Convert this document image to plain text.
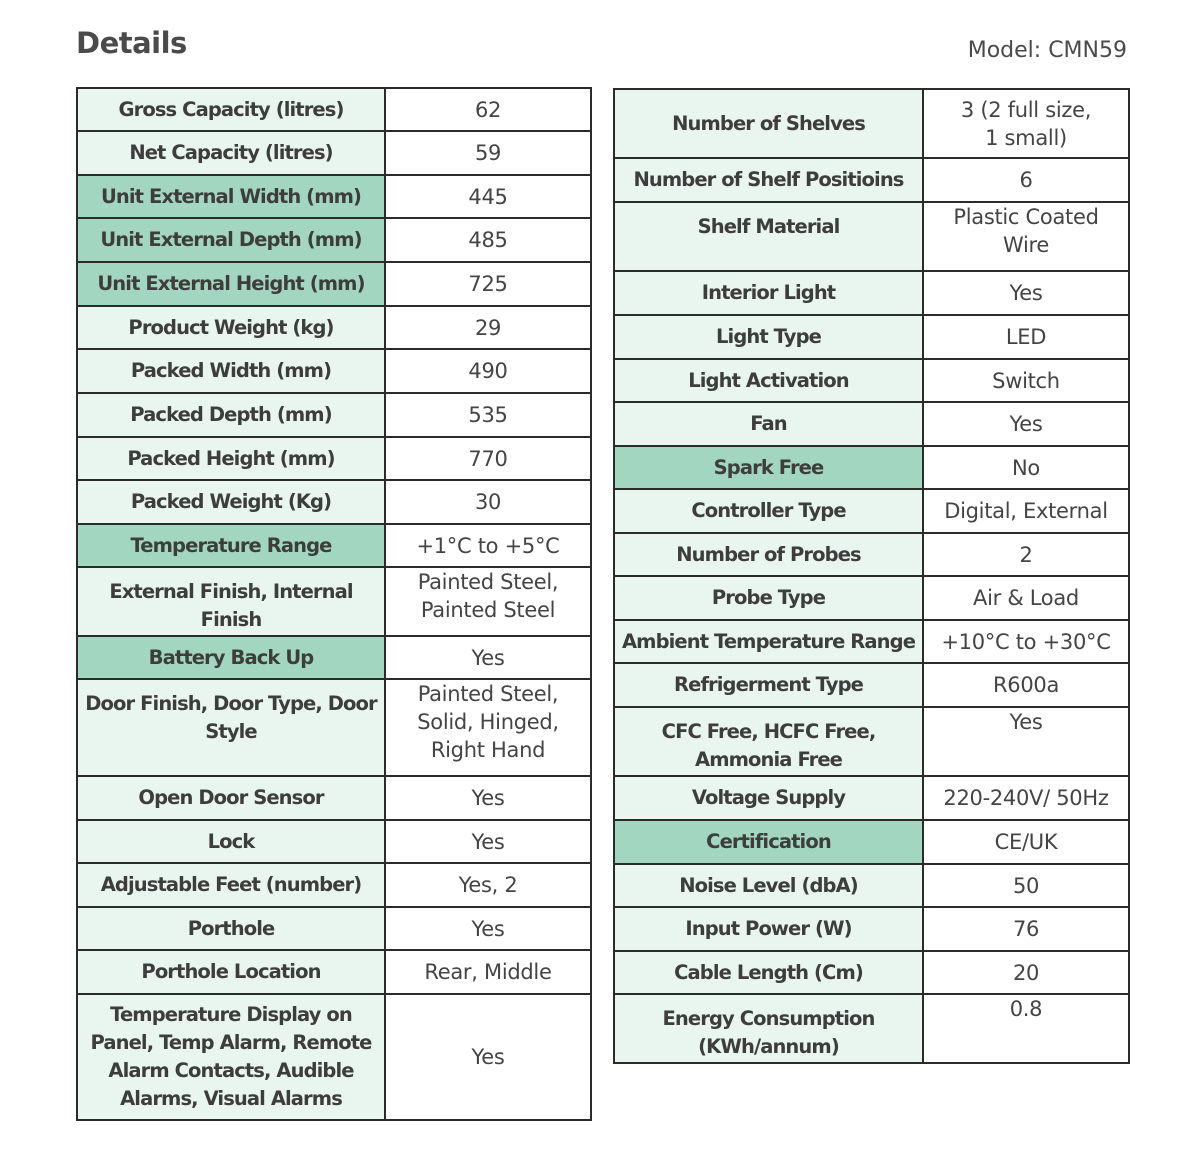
Details	Model: CMN59
Gross Capacity (litres)	62
Net Capacity (litres)	59
Unit External Width (mm)	445
Unit External Depth (mm)	485
Unit External Height (mm)	725
Product Weight (kg)	29
Packed Width (mm)	490
Packed Depth (mm)	535
Packed Height (mm)	770
Packed Weight (Kg)	30
Temperature Range	+1°C to +5°C
External Finish, Internal Finish	Painted Steel,
Painted Steel
Battery Back Up	Yes
Door Finish, Door Type, Door
Style	Painted Steel,
Solid, Hinged,
Right Hand
Open Door Sensor	Yes
Lock	Yes
Adjustable Feet (number)	Yes, 2
Porthole	Yes
Porthole Location	Rear, Middle
Temperature Display on
Panel, Temp Alarm, Remote
Alarm Contacts, Audible
Alarms, Visual Alarms	Yes
Number of Shelves	3 (2 full size,
1 small)
Number of Shelf Positioins	6
Shelf Material	Plastic Coated
Wire
Interior Light	Yes
Light Type	LED
Light Activation	Switch
Fan	Yes
Spark Free	No
Controller Type	Digital, External
Number of Probes	2
Probe Type	Air & Load
Ambient Temperature Range	+10°C to +30°C
Refrigerment Type	R600a
CFC Free, HCFC Free,
Ammonia Free	Yes
Voltage Supply	220-240V/ 50Hz
Certification	CE/UK
Noise Level (dbA)	50
Input Power (W)	76
Cable Length (Cm)	20
Energy Consumption
(KWh/annum)	0.8
